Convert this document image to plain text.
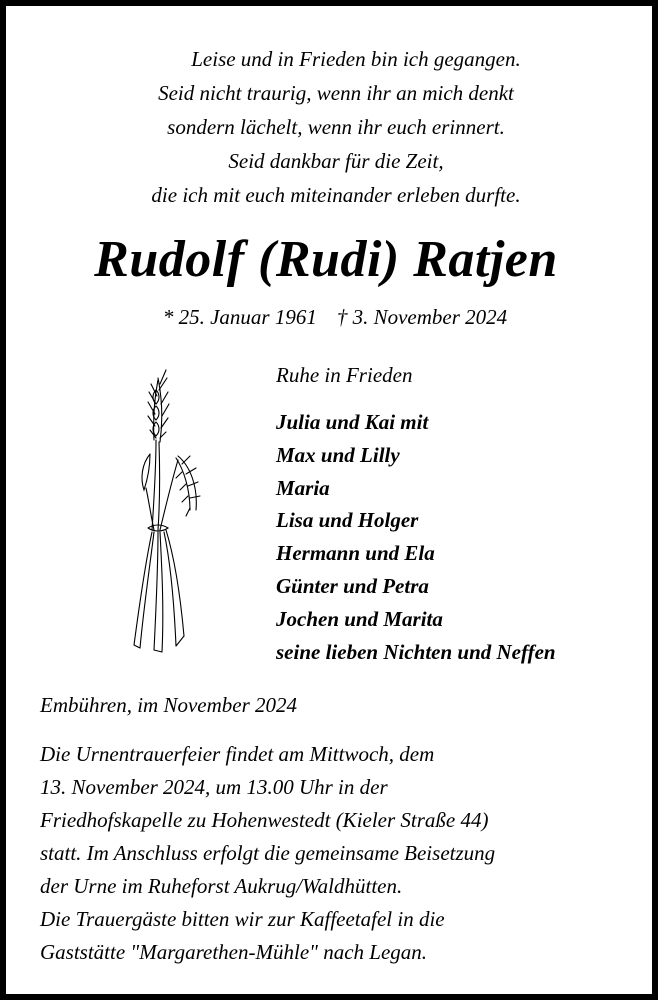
Leise und in Frieden bin ich gegangen.
Seid nicht traurig, wenn ihr an mich denkt
sondern lächelt, wenn ihr euch erinnert.
Seid dankbar für die Zeit,
die ich mit euch miteinander erleben durfte.
Rudolf (Rudi) Ratjen
* 25. Januar 1961 † 3. November 2024
Ruhe in Frieden
Julia und Kai mit
Max und Lilly
Maria
Lisa und Holger
Hermann und Ela
Günter und Petra
Jochen und Marita
seine lieben Nichten und Neffen
Embühren, im November 2024
Die Urnentrauerfeier findet am Mittwoch, dem
13. November 2024, um 13.00 Uhr in der
Friedhofskapelle zu Hohenwestedt (Kieler Straße 44)
statt. Im Anschluss erfolgt die gemeinsame Beisetzung
der Urne im Ruheforst Aukrug/Waldhütten.
Die Trauergäste bitten wir zur Kaffeetafel in die
Gaststätte "Margarethen-Mühle" nach Legan.
